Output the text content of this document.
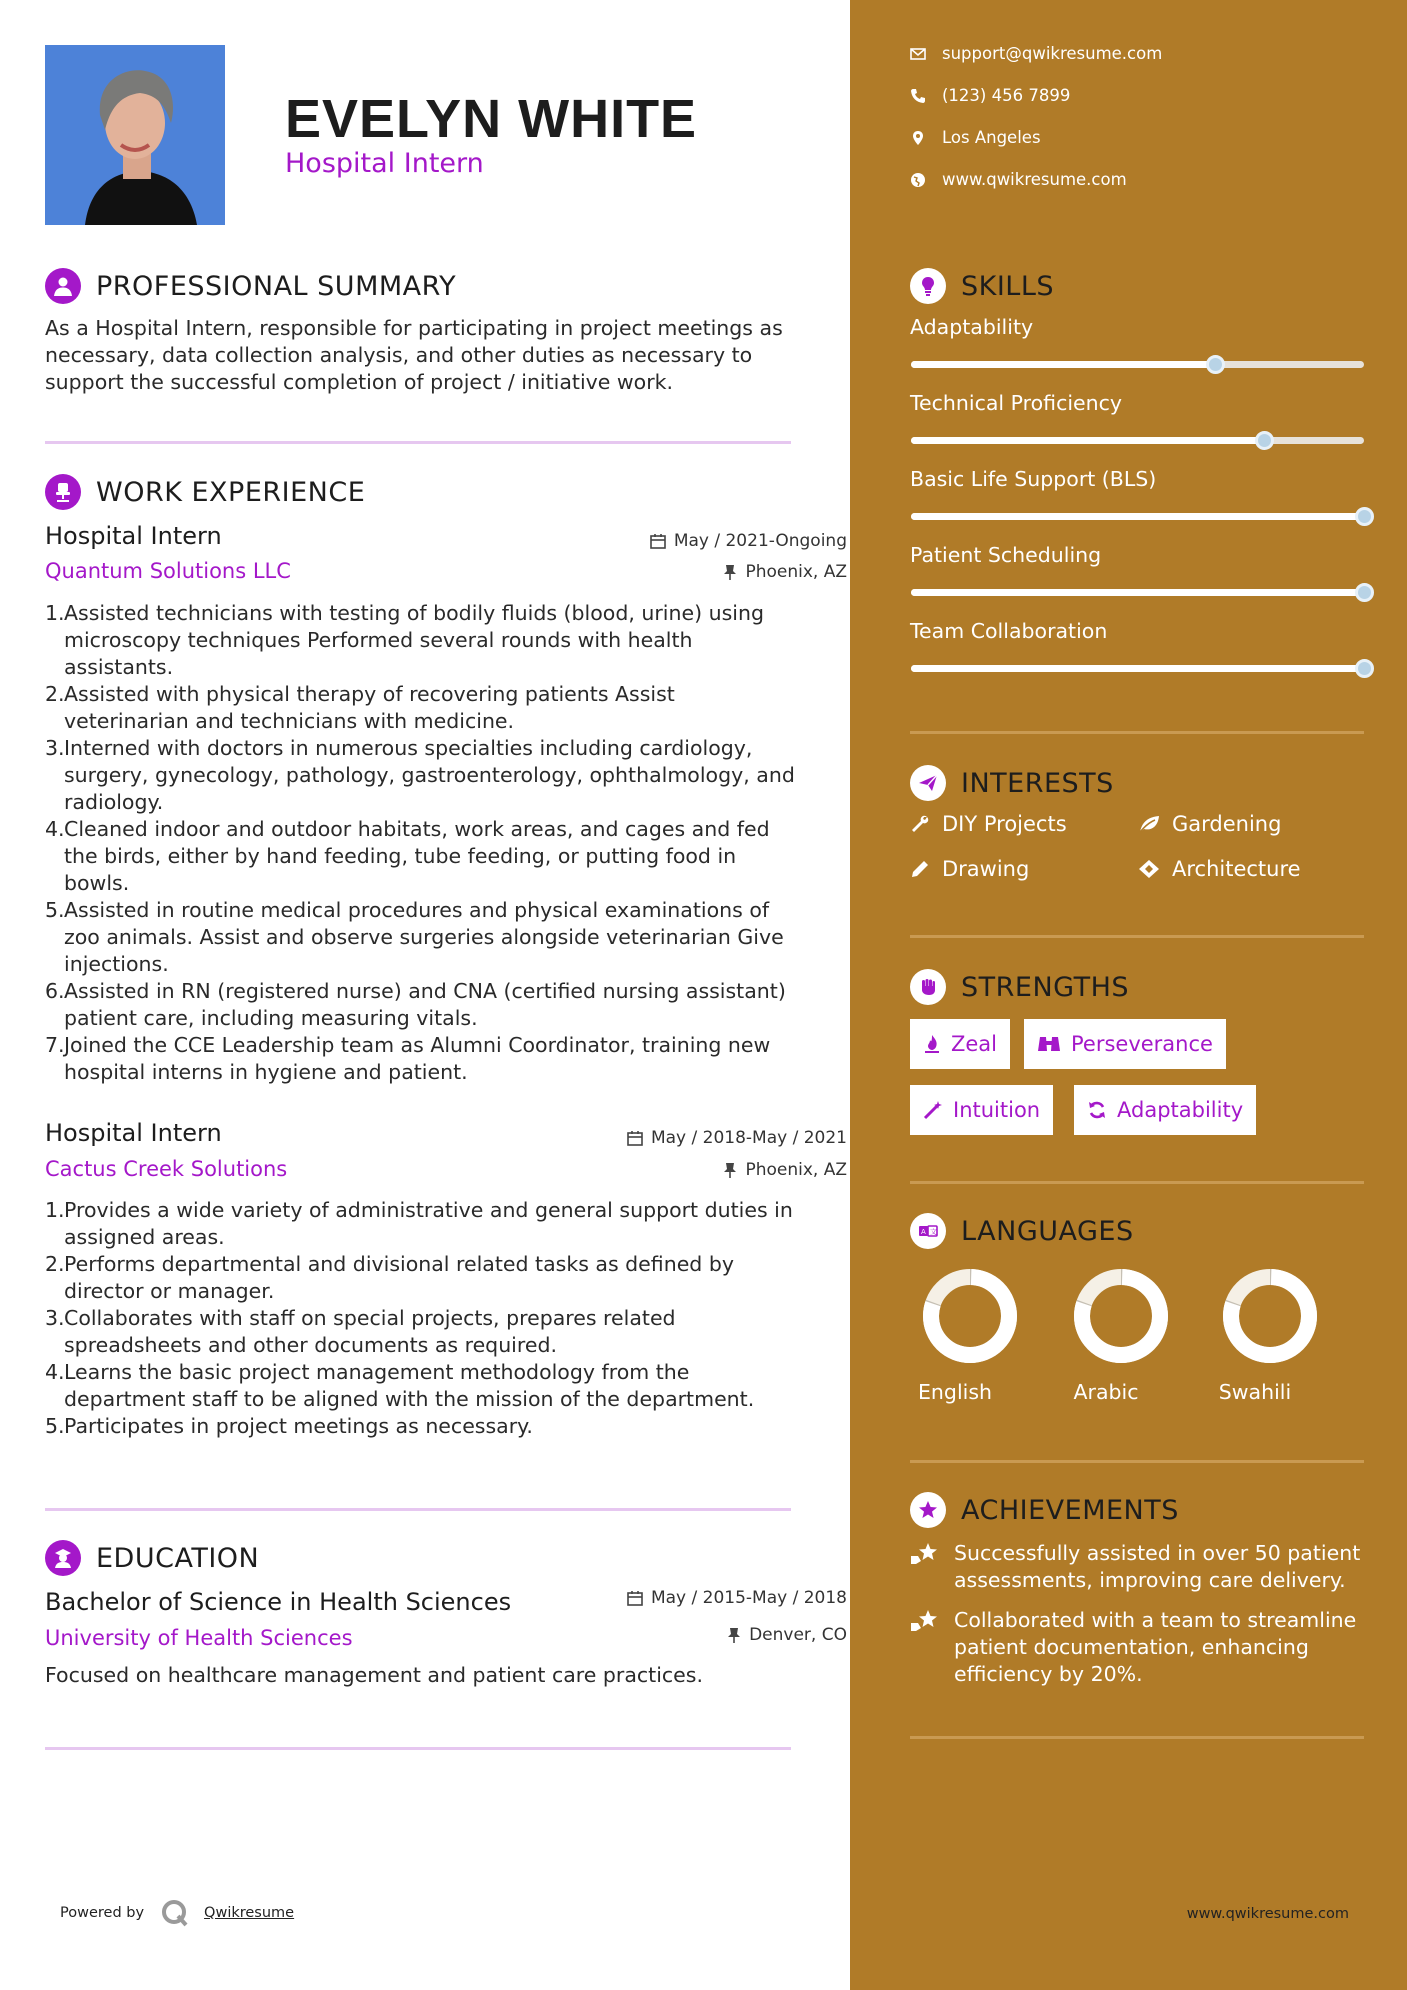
EVELYN WHITE
Hospital Intern
PROFESSIONAL SUMMARY
As a Hospital Intern, responsible for participating in project meetings as necessary, data collection analysis, and other duties as necessary to support the successful completion of project / initiative work.
WORK EXPERIENCE
Hospital Intern
Quantum Solutions LLC
May / 2021-Ongoing
Phoenix, AZ
1. Assisted technicians with testing of bodily fluids (blood, urine) using microscopy techniques Performed several rounds with health assistants.
2. Assisted with physical therapy of recovering patients Assist veterinarian and technicians with medicine.
3. Interned with doctors in numerous specialties including cardiology, surgery, gynecology, pathology, gastroenterology, ophthalmology, and radiology.
4. Cleaned indoor and outdoor habitats, work areas, and cages and fed the birds, either by hand feeding, tube feeding, or putting food in bowls.
5. Assisted in routine medical procedures and physical examinations of zoo animals. Assist and observe surgeries alongside veterinarian Give injections.
6. Assisted in RN (registered nurse) and CNA (certified nursing assistant) patient care, including measuring vitals.
7. Joined the CCE Leadership team as Alumni Coordinator, training new hospital interns in hygiene and patient.
Hospital Intern
Cactus Creek Solutions
May / 2018-May / 2021
Phoenix, AZ
1. Provides a wide variety of administrative and general support duties in assigned areas.
2. Performs departmental and divisional related tasks as defined by director or manager.
3. Collaborates with staff on special projects, prepares related spreadsheets and other documents as required.
4. Learns the basic project management methodology from the department staff to be aligned with the mission of the department.
5. Participates in project meetings as necessary.
EDUCATION
Bachelor of Science in Health Sciences
University of Health Sciences
May / 2015-May / 2018
Denver, CO
Focused on healthcare management and patient care practices.
support@qwikresume.com
(123) 456 7899
Los Angeles
www.qwikresume.com
SKILLS
Adaptability
Technical Proficiency
Basic Life Support (BLS)
Patient Scheduling
Team Collaboration
INTERESTS
DIY Projects	Gardening
Drawing	Architecture
STRENGTHS
Zeal	Perseverance
Intuition	Adaptability
A 文 LANGUAGES
English	Arabic	Swahili
ACHIEVEMENTS
Successfully assisted in over 50 patient assessments, improving care delivery.
Collaborated with a team to streamline patient documentation, enhancing efficiency by 20%.
Powered by	Qwikresume	www.qwikresume.com
